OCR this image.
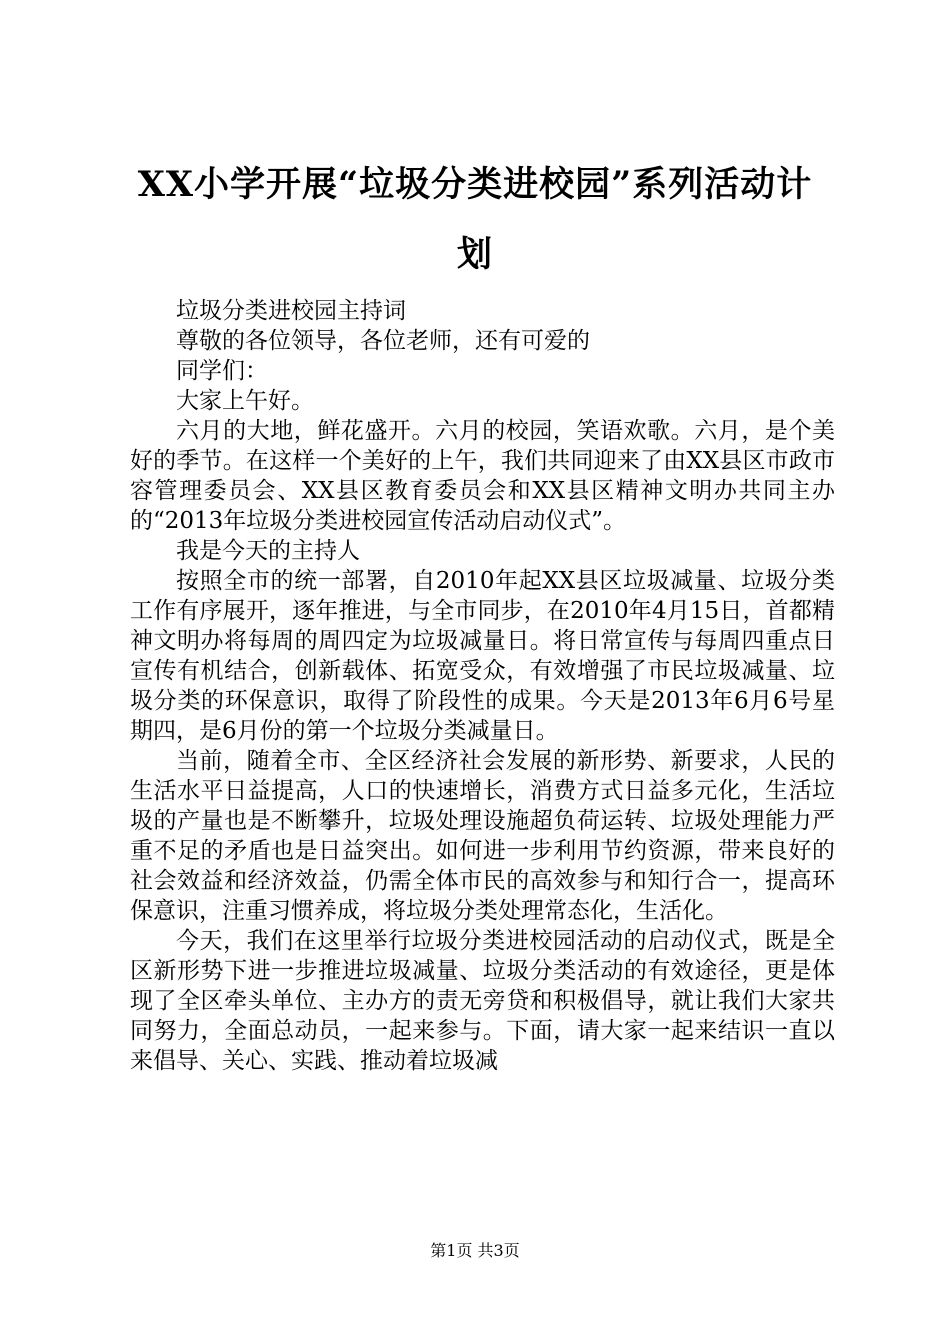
XX小学开展“垃圾分类进校园”系列活动计划

垃圾分类进校园主持词

尊敬的各位领导，各位老师，还有可爱的

同学们：

大家上午好。

六月的大地，鲜花盛开。六月的校园，笑语欢歌。六月，是个美好的季节。在这样一个美好的上午，我们共同迎来了由XX县区市政市容管理委员会、XX县区教育委员会和XX县区精神文明办共同主办的“2013年垃圾分类进校园宣传活动启动仪式”。

我是今天的主持人

按照全市的统一部署，自2010年起XX县区垃圾减量、垃圾分类工作有序展开，逐年推进，与全市同步，在2010年4月15日，首都精神文明办将每周的周四定为垃圾减量日。将日常宣传与每周四重点日宣传有机结合，创新载体、拓宽受众，有效增强了市民垃圾减量、垃圾分类的环保意识，取得了阶段性的成果。今天是2013年6月6号星期四，是6月份的第一个垃圾分类减量日。

当前，随着全市、全区经济社会发展的新形势、新要求，人民的生活水平日益提高，人口的快速增长，消费方式日益多元化，生活垃圾的产量也是不断攀升，垃圾处理设施超负荷运转、垃圾处理能力严重不足的矛盾也是日益突出。如何进一步利用节约资源，带来良好的社会效益和经济效益，仍需全体市民的高效参与和知行合一，提高环保意识，注重习惯养成，将垃圾分类处理常态化，生活化。

今天，我们在这里举行垃圾分类进校园活动的启动仪式，既是全区新形势下进一步推进垃圾减量、垃圾分类活动的有效途径，更是体现了全区牵头单位、主办方的责无旁贷和积极倡导，就让我们大家共同努力，全面总动员，一起来参与。下面，请大家一起来结识一直以来倡导、关心、实践、推动着垃圾减

第1页 共3页
